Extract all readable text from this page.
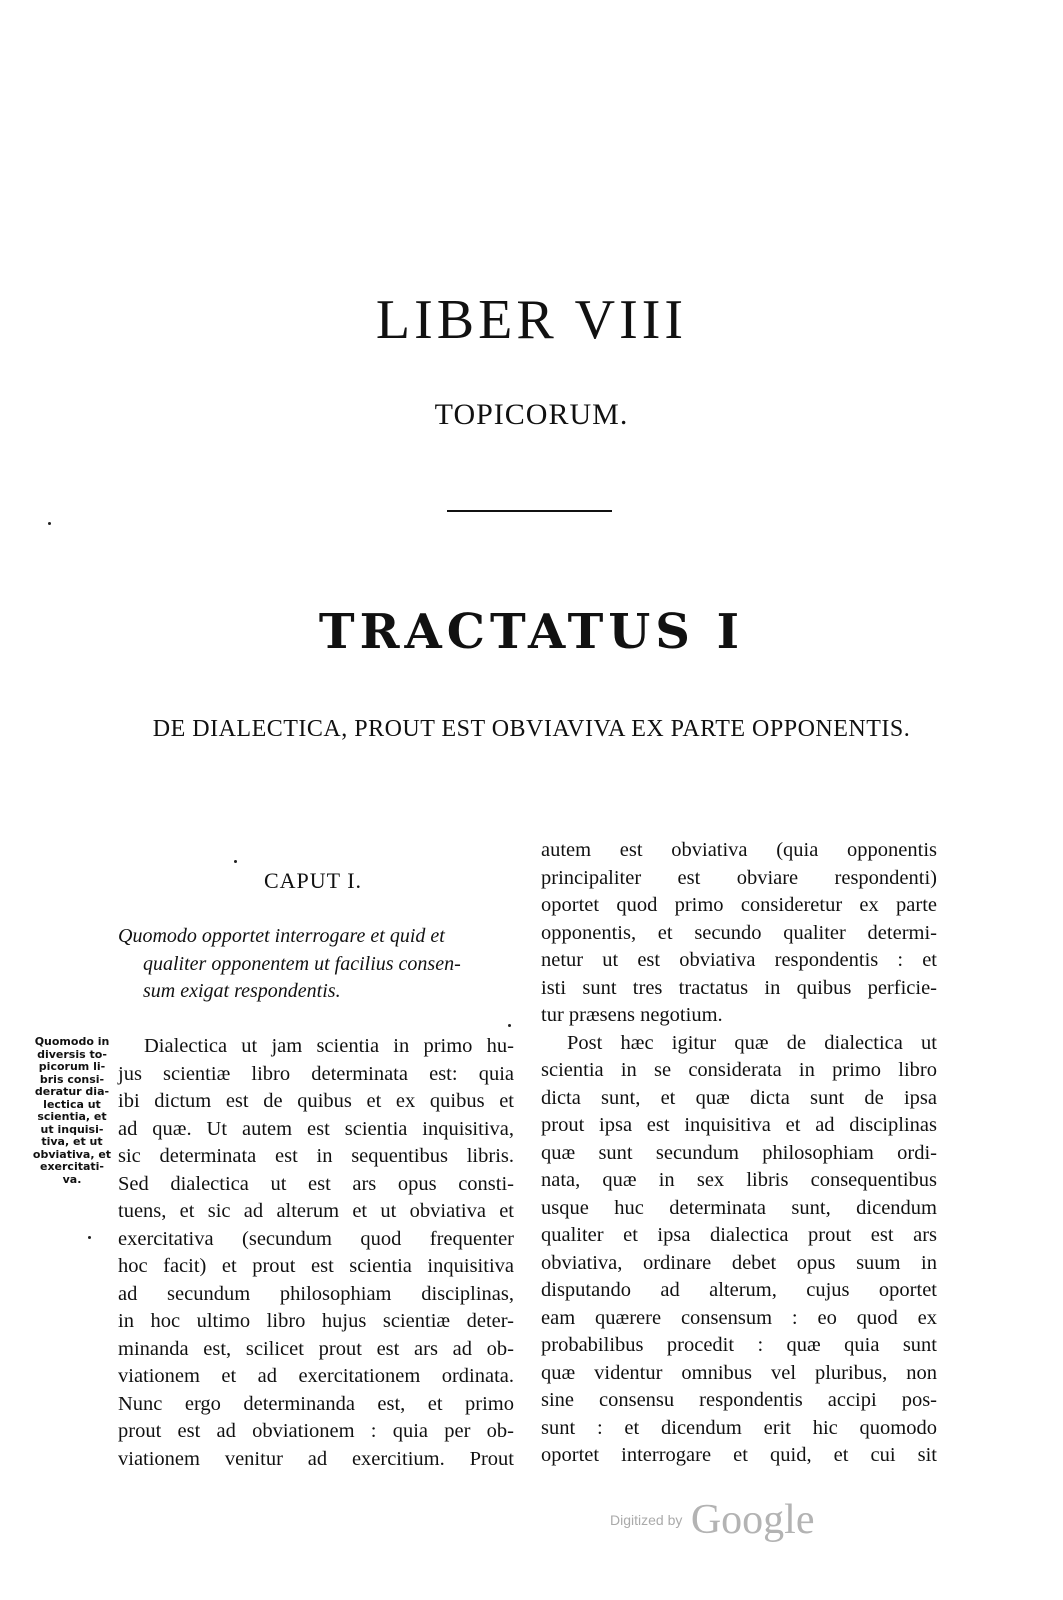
LIBER VIII
TOPICORUM.
TRACTATUS I
DE DIALECTICA, PROUT EST OBVIAVIVA EX PARTE OPPONENTIS.
CAPUT I.
Quomodo opportet interrogare et quid et
qualiter opponentem ut facilius consen-
sum exigat respondentis.
Quomodo in
diversis to-
picorum li-
bris consi-
deratur dia-
lectica ut
scientia, et
ut inquisi-
tiva, et ut
obviativa, et
exercitati-
va.
Dialectica ut jam scientia in primo hu-
jus scientiæ libro determinata est: quia
ibi dictum est de quibus et ex quibus et
ad quæ. Ut autem est scientia inquisitiva,
sic determinata est in sequentibus libris.
Sed dialectica ut est ars opus consti-
tuens, et sic ad alterum et ut obviativa et
exercitativa (secundum quod frequenter
hoc facit) et prout est scientia inquisitiva
ad secundum philosophiam disciplinas,
in hoc ultimo libro hujus scientiæ deter-
minanda est, scilicet prout est ars ad ob-
viationem et ad exercitationem ordinata.
Nunc ergo determinanda est, et primo
prout est ad obviationem : quia per ob-
viationem venitur ad exercitium. Prout
autem est obviativa (quia opponentis
principaliter est obviare respondenti)
oportet quod primo consideretur ex parte
opponentis, et secundo qualiter determi-
netur ut est obviativa respondentis : et
isti sunt tres tractatus in quibus perficie-
tur præsens negotium.
Post hæc igitur quæ de dialectica ut
scientia in se considerata in primo libro
dicta sunt, et quæ dicta sunt de ipsa
prout ipsa est inquisitiva et ad disciplinas
quæ sunt secundum philosophiam ordi-
nata, quæ in sex libris consequentibus
usque huc determinata sunt, dicendum
qualiter et ipsa dialectica prout est ars
obviativa, ordinare debet opus suum in
disputando ad alterum, cujus oportet
eam quærere consensum : eo quod ex
probabilibus procedit : quæ quia sunt
quæ videntur omnibus vel pluribus, non
sine consensu respondentis accipi pos-
sunt : et dicendum erit hic quomodo
oportet interrogare et quid, et cui sit
Digitized by Google
